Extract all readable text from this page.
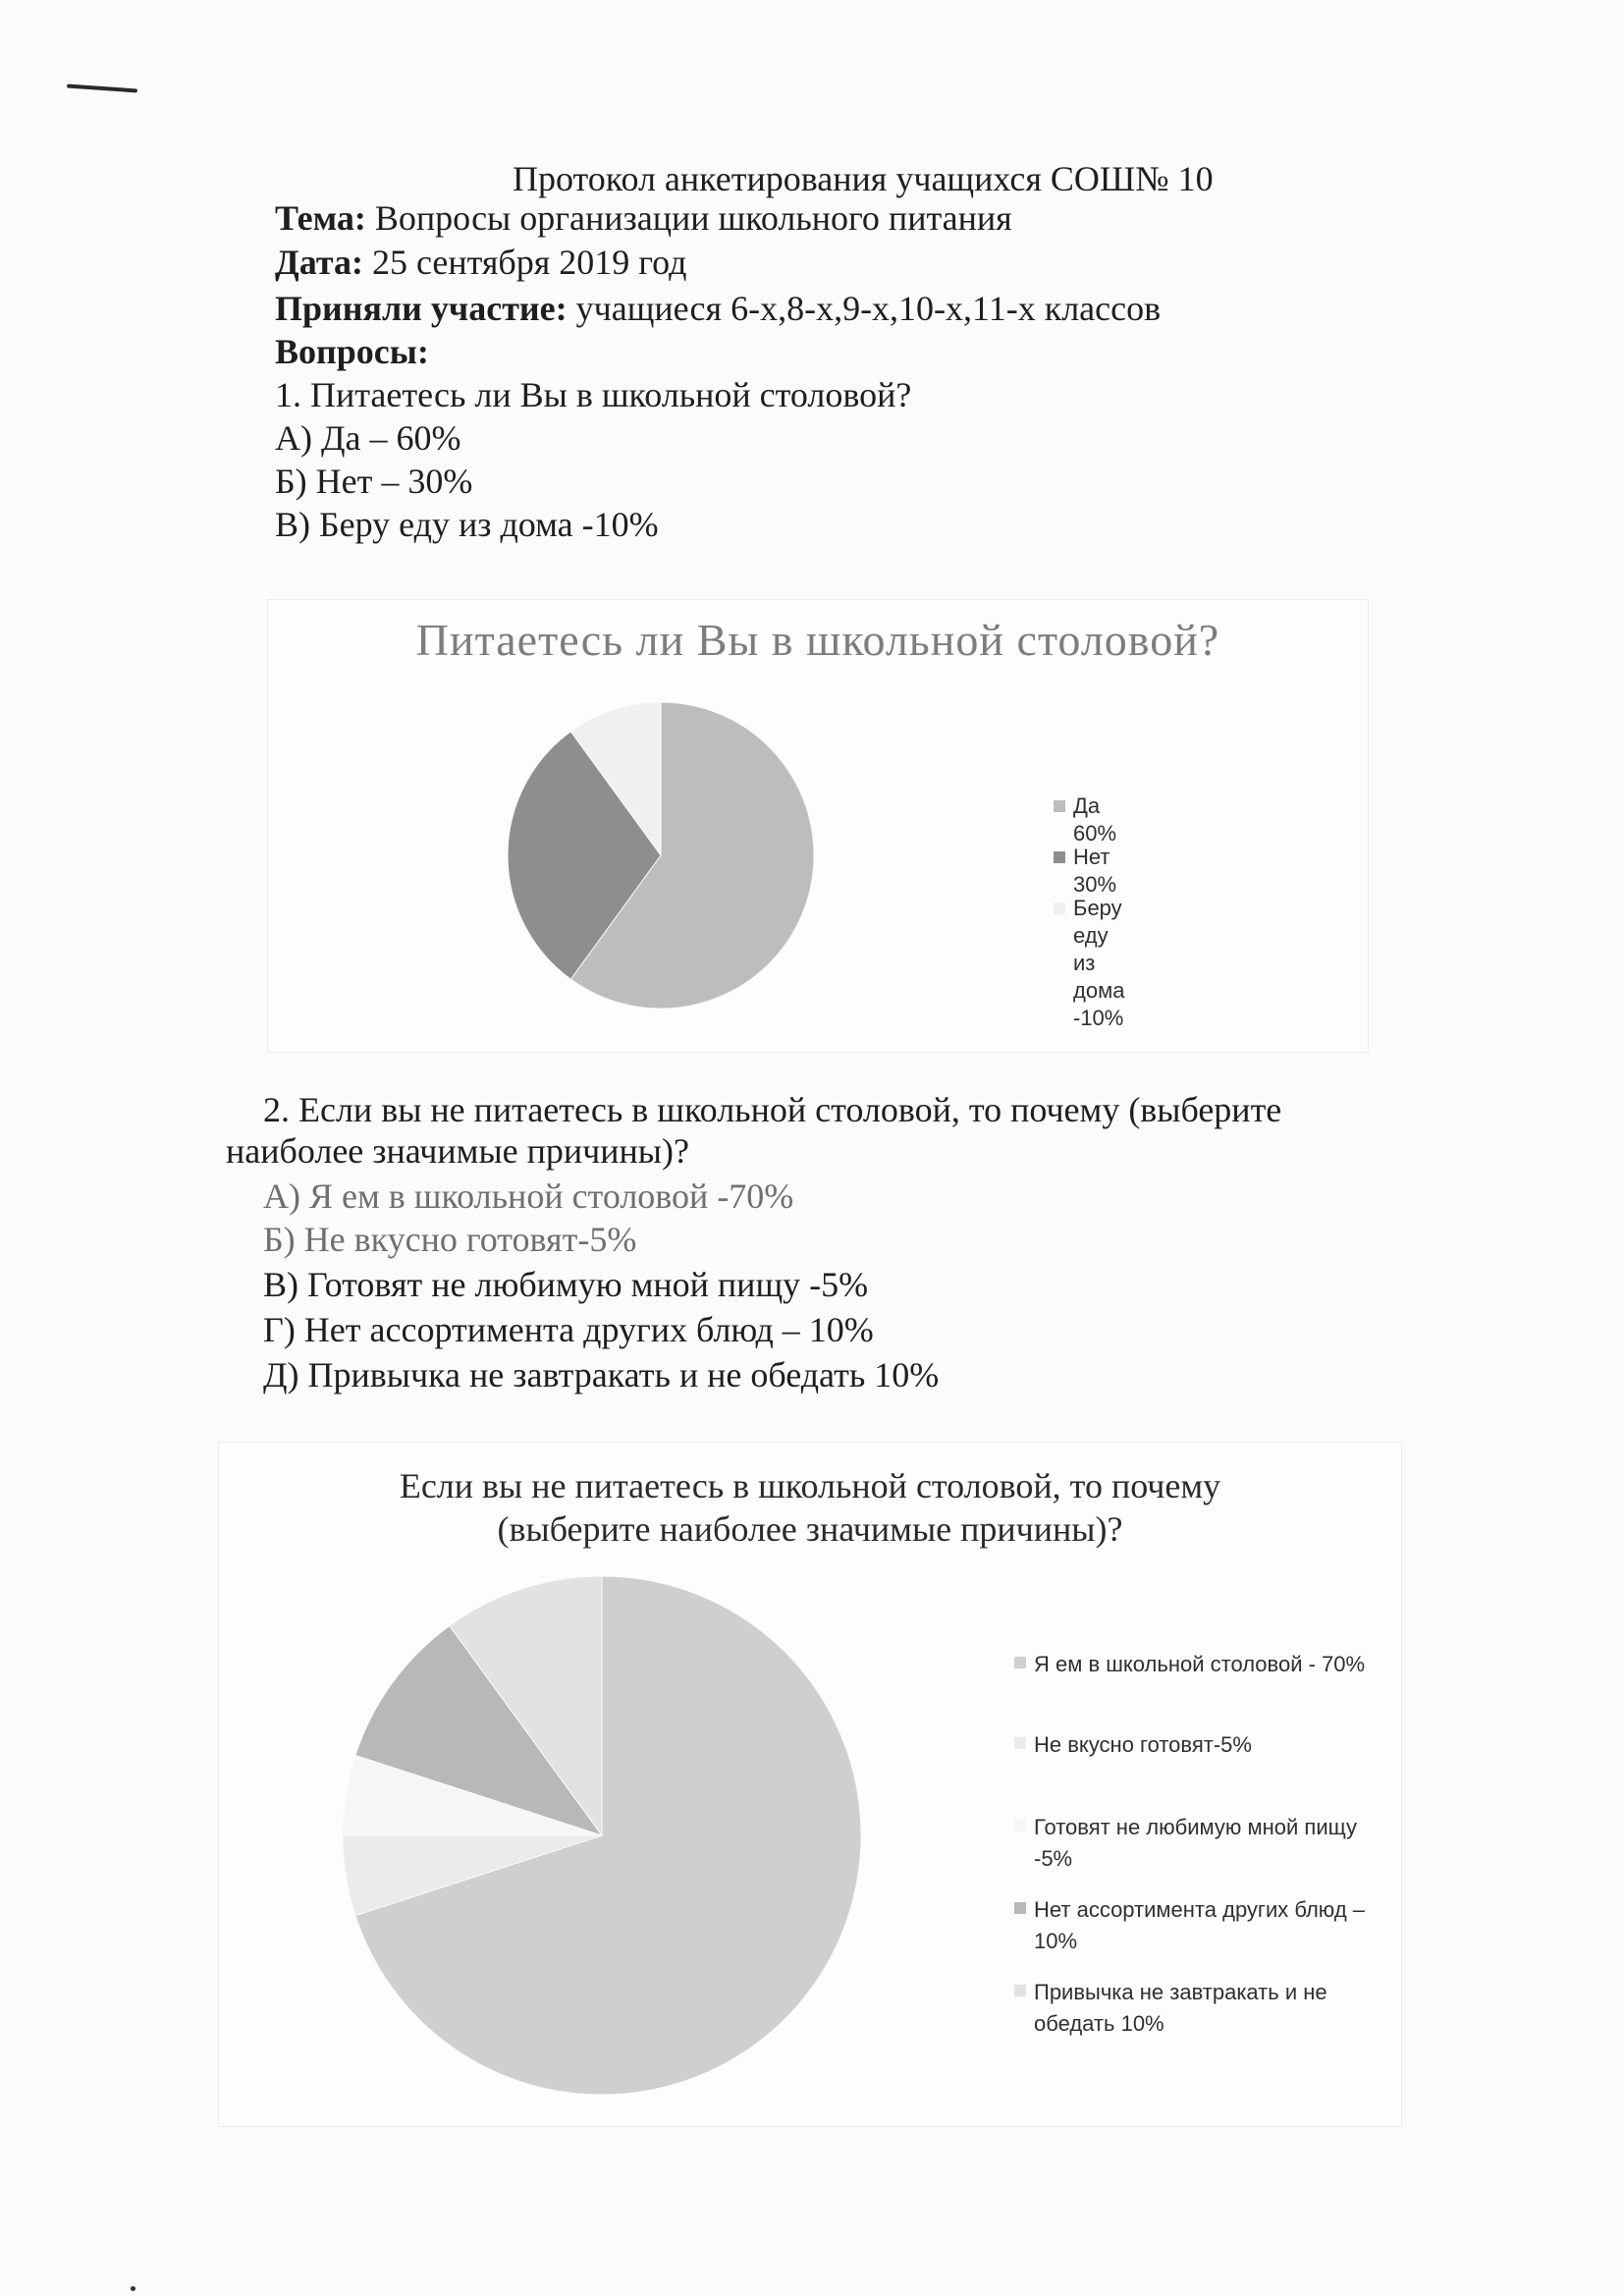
Протокол анкетирования учащихся СОШ№ 10
Тема: Вопросы организации школьного питания
Дата: 25 сентября 2019 год
Приняли участие: учащиеся 6-х,8-х,9-х,10-х,11-х классов
Вопросы:
1. Питаетесь ли Вы в школьной столовой?
А) Да – 60%
Б) Нет – 30%
В) Беру еду из дома -10%
Питаетесь ли Вы в школьной столовой?
Да 60%
Нет 30%
Беру еду из дома -10%
2. Если вы не питаетесь в школьной столовой, то почему (выберите
наиболее значимые причины)?
А) Я ем в школьной столовой -70%
Б) Не вкусно готовят-5%
В) Готовят не любимую мной пищу -5%
Г) Нет ассортимента других блюд – 10%
Д) Привычка не завтракать и не обедать 10%
Если вы не питаетесь в школьной столовой, то почему (выберите наиболее значимые причины)?
Я ем в школьной столовой - 70%
Не вкусно готовят-5%
Готовят не любимую мной пищу -5%
Нет ассортимента других блюд – 10%
Привычка не завтракать и не обедать 10%
